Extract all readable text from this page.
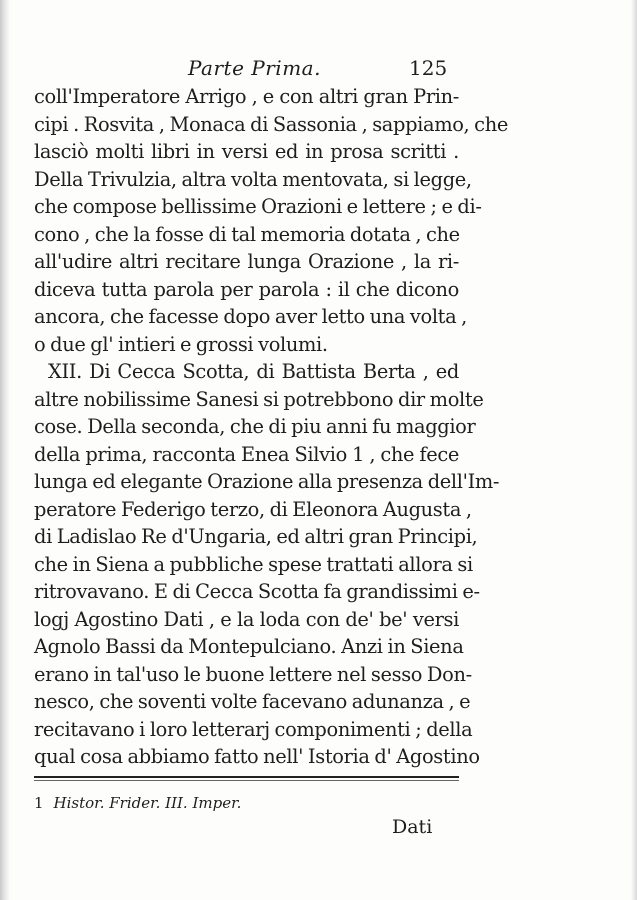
Parte Prima.	125
coll'Imperatore Arrigo , e con altri gran Prin-
cipi . Rosvita , Monaca di Sassonia , sappiamo, che
lasciò molti libri in versi ed in prosa scritti .
Della Trivulzia, altra volta mentovata, si legge,
che compose bellissime Orazioni e lettere ; e di-
cono , che la fosse di tal memoria dotata , che
all'udire altri recitare lunga Orazione , la ri-
diceva tutta parola per parola : il che dicono
ancora, che facesse dopo aver letto una volta ,
o due gl' intieri e grossi volumi.
XII. Di Cecca Scotta, di Battista Berta , ed
altre nobilissime Sanesi si potrebbono dir molte
cose. Della seconda, che di piu anni fu maggior
della prima, racconta Enea Silvio 1 , che fece
lunga ed elegante Orazione alla presenza dell'Im-
peratore Federigo terzo, di Eleonora Augusta ,
di Ladislao Re d'Ungaria, ed altri gran Principi,
che in Siena a pubbliche spese trattati allora si
ritrovavano. E di Cecca Scotta fa grandissimi e-
logj Agostino Dati , e la loda con de' be' versi
Agnolo Bassi da Montepulciano. Anzi in Siena
erano in tal'uso le buone lettere nel sesso Don-
nesco, che soventi volte facevano adunanza , e
recitavano i loro letterarj componimenti ; della
qual cosa abbiamo fatto nell' Istoria d' Agostino
1 Histor. Frider. III. Imper.
Dati
